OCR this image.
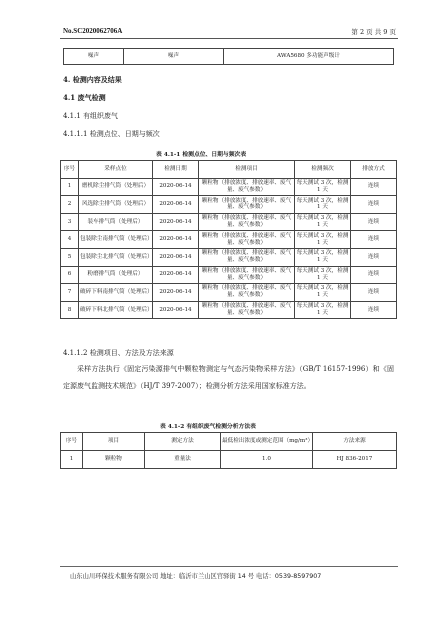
No.SC2020062706A	第 2 页 共 9 页
噪声	噪声	AWA5680 多功能声级计
4. 检测内容及结果
4.1 废气检测
4.1.1 有组织废气
4.1.1.1 检测点位、日期与频次
表 4.1-1 检测点位、日期与频次表
序号	采样点位	检测日期	检测项目	检测频次	排放方式
1	磨机除尘排气筒（处理后）	2020-06-14	颗粒物（排放浓度、排放速率、废气量、废气参数）	每天测试 3 次，检测 1 天	连续
2	风选除尘排气筒（处理后）	2020-06-14	颗粒物（排放浓度、排放速率、废气量、废气参数）	每天测试 3 次，检测 1 天	连续
3	装车排气筒（处理后）	2020-06-14	颗粒物（排放浓度、排放速率、废气量、废气参数）	每天测试 3 次，检测 1 天	连续
4	包装除尘南排气筒（处理后）	2020-06-14	颗粒物（排放浓度、排放速率、废气量、废气参数）	每天测试 3 次，检测 1 天	连续
5	包装除尘北排气筒（处理后）	2020-06-14	颗粒物（排放浓度、排放速率、废气量、废气参数）	每天测试 3 次，检测 1 天	连续
6	粉磨排气筒（处理后）	2020-06-14	颗粒物（排放浓度、排放速率、废气量、废气参数）	每天测试 3 次，检测 1 天	连续
7	破碎下料南排气筒（处理后）	2020-06-14	颗粒物（排放浓度、排放速率、废气量、废气参数）	每天测试 3 次，检测 1 天	连续
8	破碎下料北排气筒（处理后）	2020-06-14	颗粒物（排放浓度、排放速率、废气量、废气参数）	每天测试 3 次，检测 1 天	连续
4.1.1.2 检测项目、方法及方法来源
采样方法执行《固定污染源排气中颗粒物测定与气态污染物采样方法》（GB/T 16157-1996）和《固定源废气监测技术规范》（HJ/T 397-2007）；检测分析方法采用国家标准方法。
表 4.1-2 有组织废气检测分析方法表
序号	项目	测定方法	最低检出浓度或测定范围（mg/m³）	方法来源
1	颗粒物	重量法	1.0	HJ 836-2017
山东山川环保技术服务有限公司 地址：临沂市兰山区官驿街 14 号 电话：0539-8597907
